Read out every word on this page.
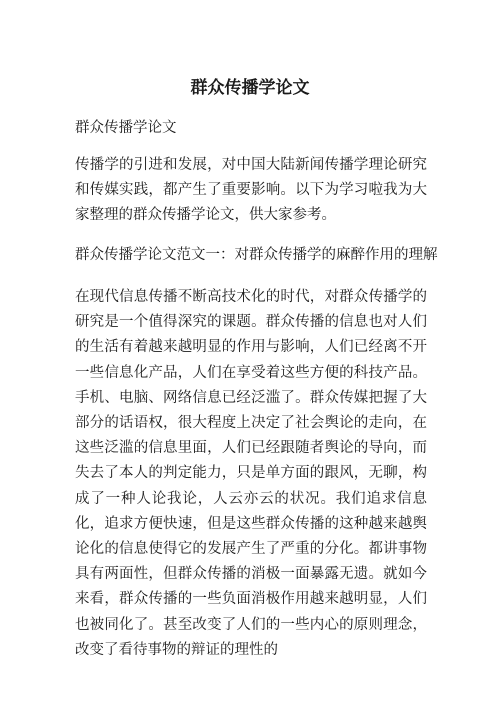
群众传播学论文

群众传播学论文

传播学的引进和发展，对中国大陆新闻传播学理论研究和传媒实践，都产生了重要影响。以下为学习啦我为大家整理的群众传播学论文，供大家参考。

群众传播学论文范文一：对群众传播学的麻醉作用的理解

在现代信息传播不断高技术化的时代，对群众传播学的研究是一个值得深究的课题。群众传播的信息也对人们的生活有着越来越明显的作用与影响，人们已经离不开一些信息化产品，人们在享受着这些方便的科技产品。手机、电脑、网络信息已经泛滥了。群众传媒把握了大部分的话语权，很大程度上决定了社会舆论的走向，在这些泛滥的信息里面，人们已经跟随者舆论的导向，而失去了本人的判定能力，只是单方面的跟风，无聊，构成了一种人论我论，人云亦云的状况。我们追求信息化，追求方便快速，但是这些群众传播的这种越来越舆论化的信息使得它的发展产生了严重的分化。都讲事物具有两面性，但群众传播的消极一面暴露无遗。就如今来看，群众传播的一些负面消极作用越来越明显，人们也被同化了。甚至改变了人们的一些内心的原则理念，改变了看待事物的辩证的理性的
